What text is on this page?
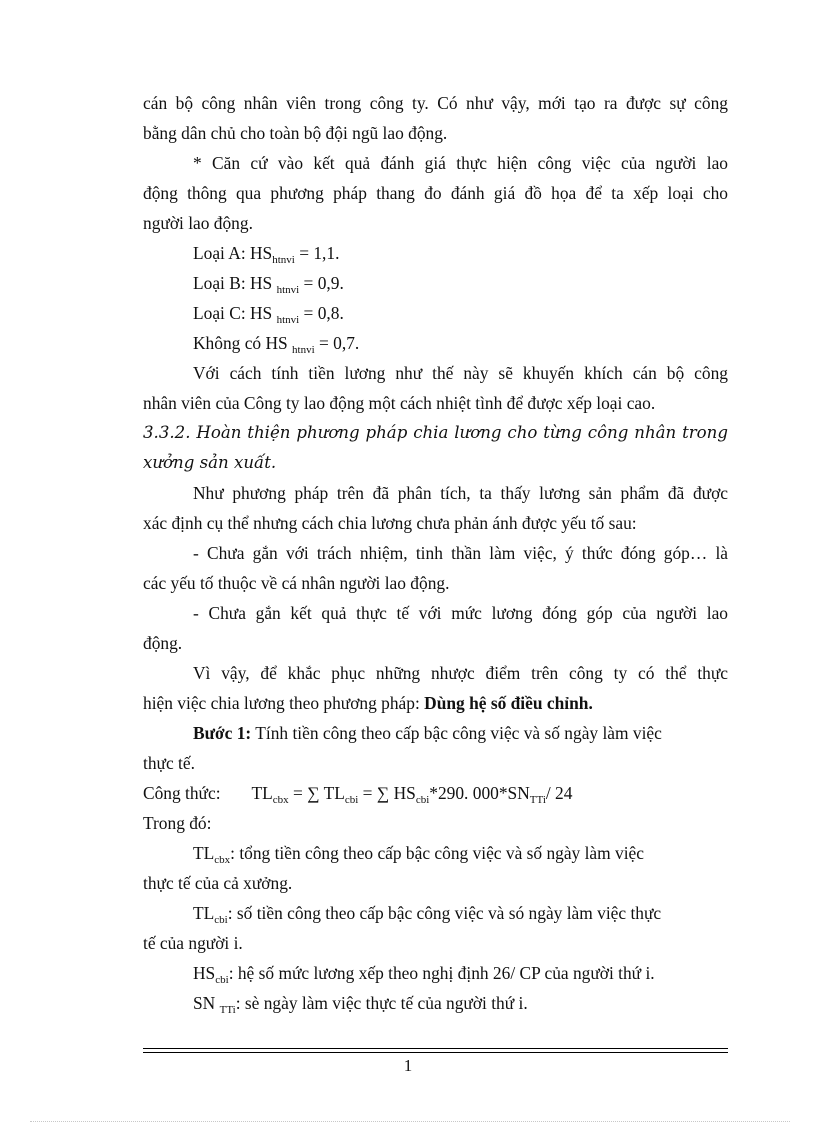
cán bộ công nhân viên trong công ty. Có như vậy, mới tạo ra được sự công
bằng dân chủ cho toàn bộ đội ngũ lao động.
* Căn cứ vào kết quả đánh giá thực hiện công việc của người lao
động thông qua phương pháp thang đo đánh giá đồ họa để ta xếp loại cho
người lao động.
Loại A: $HS_{htnvi} = 1,1$.
Loại B: HS $_{htnvi}$ = 0,9.
Loại C: HS $_{htnvi}$ = 0,8.
Không có HS $_{htnvi}$ = 0,7.
Với cách tính tiền lương như thế này sẽ khuyến khích cán bộ công
nhân viên của Công ty lao động một cách nhiệt tình để được xếp loại cao.
3.3.2. Hoàn thiện phương pháp chia lương cho từng công nhân trong
xưởng sản xuất.
Như phương pháp trên đã phân tích, ta thấy lương sản phẩm đã được
xác định cụ thể nhưng cách chia lương chưa phản ánh được yếu tố sau:
- Chưa gắn với trách nhiệm, tinh thần làm việc, ý thức đóng góp… là
các yếu tố thuộc về cá nhân người lao động.
- Chưa gắn kết quả thực tế với mức lương đóng góp của người lao
động.
Vì vậy, để khắc phục những nhược điểm trên công ty có thể thực
hiện việc chia lương theo phương pháp: Dùng hệ số điều chỉnh.
Bước 1: Tính tiền công theo cấp bậc công việc và số ngày làm việc
thực tế.
Công thức: $TL_{cbx}$ = ∑ $TL_{cbi}$ = ∑ $HS_{cbi}*290$. $000*SN_{TTi}/$ 24
Trong đó:
$TL_{cbx}$: tổng tiền công theo cấp bậc công việc và số ngày làm việc
thực tế của cả xưởng.
$TL_{cbi}$: số tiền công theo cấp bậc công việc và só ngày làm việc thực
tế của người i.
$HS_{cbi}$: hệ số mức lương xếp theo nghị định 26/ CP của người thứ i.
SN $_{TTi}$: sè ngày làm việc thực tế của người thứ i.
1
